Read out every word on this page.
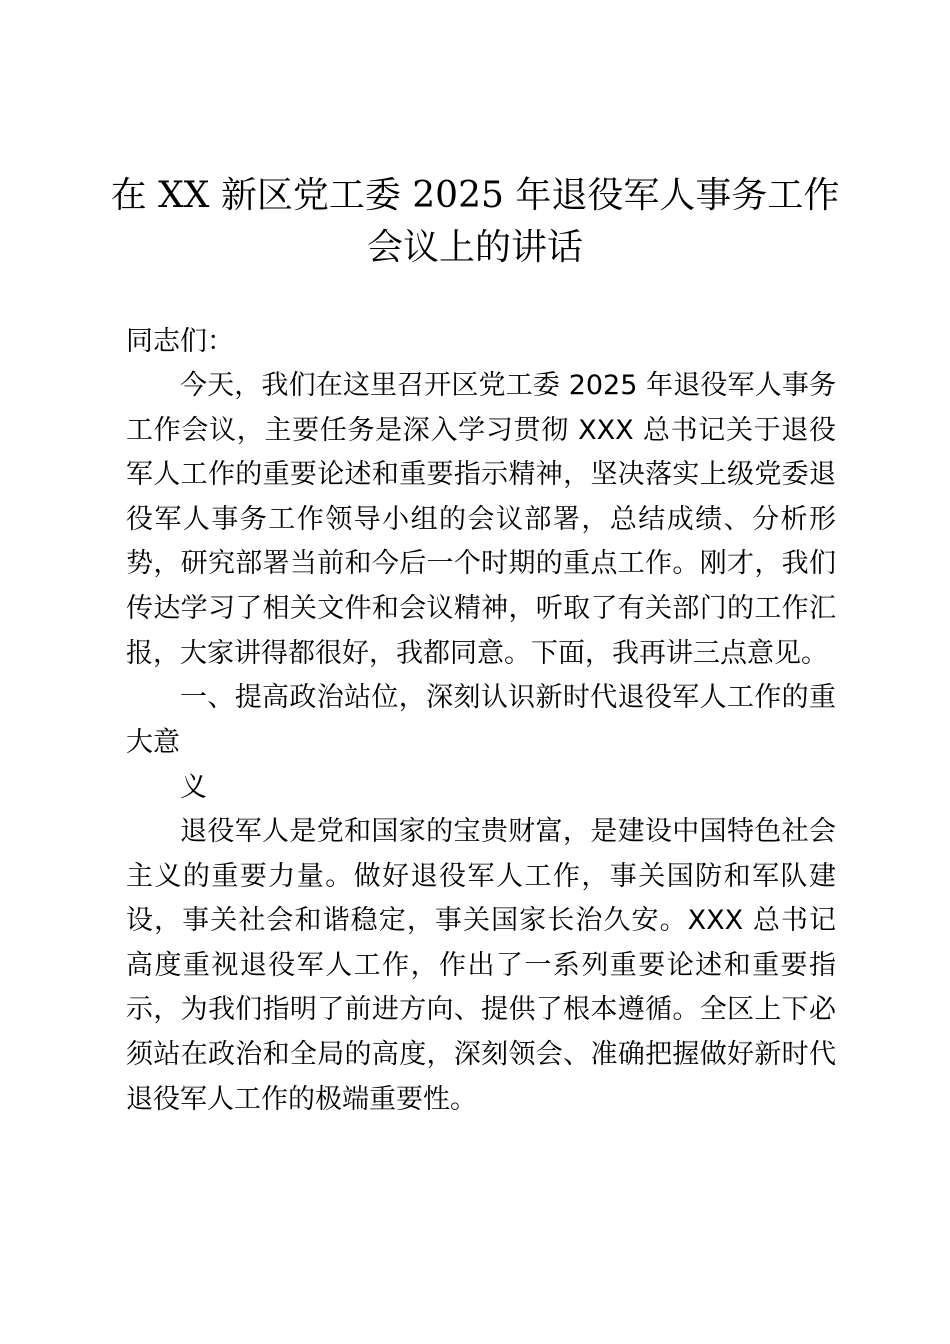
在 XX 新区党工委 2025 年退役军人事务工作
会议上的讲话

同志们：

今天，我们在这里召开区党工委 2025 年退役军人事务工作会议，主要任务是深入学习贯彻 XXX 总书记关于退役军人工作的重要论述和重要指示精神，坚决落实上级党委退役军人事务工作领导小组的会议部署，总结成绩、分析形势，研究部署当前和今后一个时期的重点工作。刚才，我们传达学习了相关文件和会议精神，听取了有关部门的工作汇报，大家讲得都很好，我都同意。下面，我再讲三点意见。

一、提高政治站位，深刻认识新时代退役军人工作的重大意

义

退役军人是党和国家的宝贵财富，是建设中国特色社会主义的重要力量。做好退役军人工作，事关国防和军队建设，事关社会和谐稳定，事关国家长治久安。XXX 总书记高度重视退役军人工作，作出了一系列重要论述和重要指示，为我们指明了前进方向、提供了根本遵循。全区上下必须站在政治和全局的高度，深刻领会、准确把握做好新时代退役军人工作的极端重要性。
